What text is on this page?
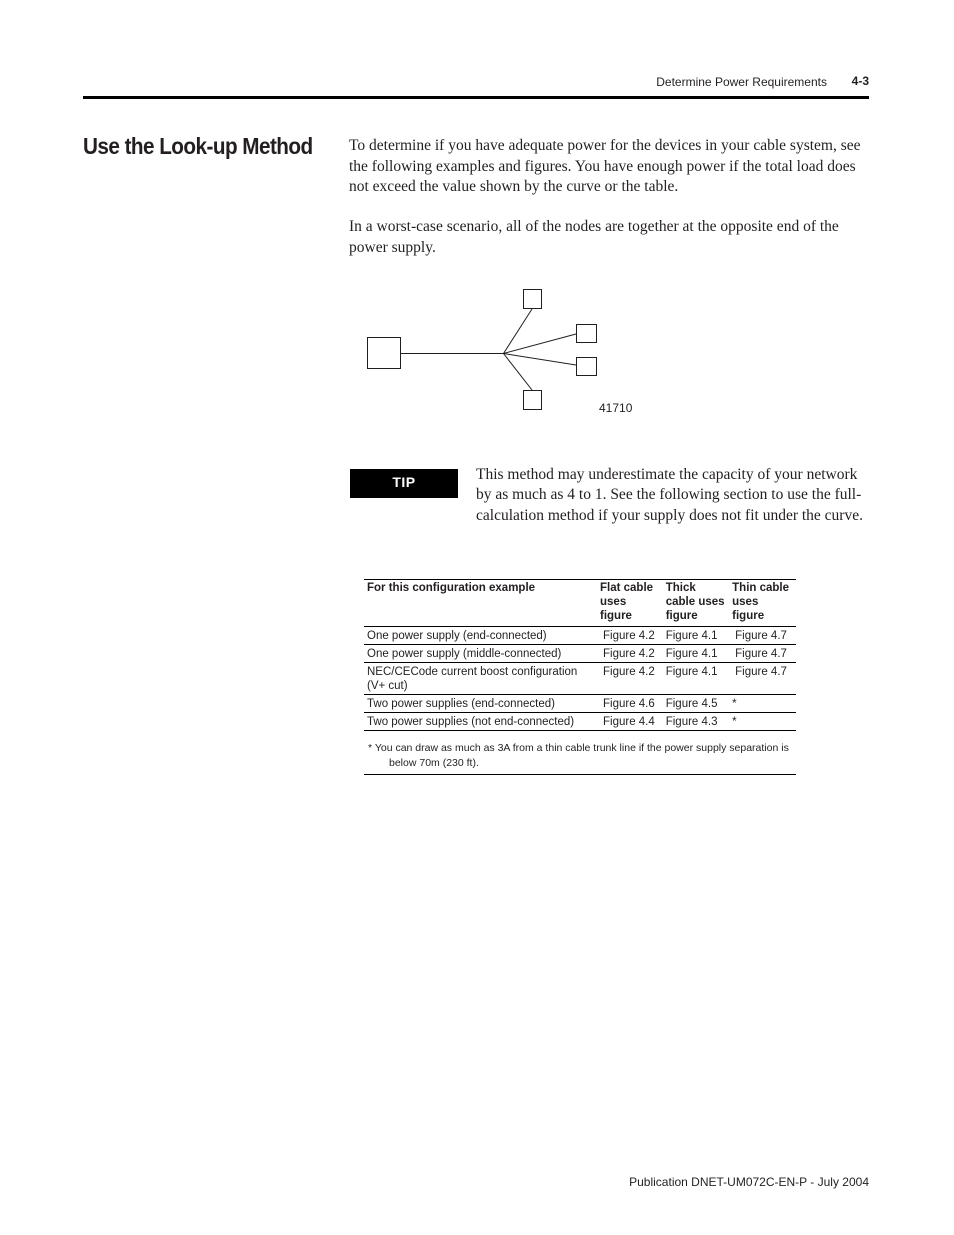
Determine Power Requirements	4-3
Use the Look-up Method To determine if you have adequate power for the devices in your cable system, see the following examples and figures. You have enough power if the total load does not exceed the value shown by the curve or the table.

In a worst-case scenario, all of the nodes are together at the opposite end of the power supply.

41710
TIP	This method may underestimate the capacity of your network by as much as 4 to 1. See the following section to use the full-calculation method if your supply does not fit under the curve.

For this configuration example	Flat cable uses figure	Thick cable uses figure	Thin cable uses figure
One power supply (end-connected)	Figure 4.2	Figure 4.1	Figure 4.7
One power supply (middle-connected)	Figure 4.2	Figure 4.1	Figure 4.7
NEC/CECode current boost configuration (V+ cut)	Figure 4.2	Figure 4.1	Figure 4.7
Two power supplies (end-connected)	Figure 4.6	Figure 4.5	*
Two power supplies (not end-connected)	Figure 4.4	Figure 4.3	*
* You can draw as much as 3A from a thin cable trunk line if the power supply separation is
below 70m (230 ft).			
Publication DNET-UM072C-EN-P - July 2004
